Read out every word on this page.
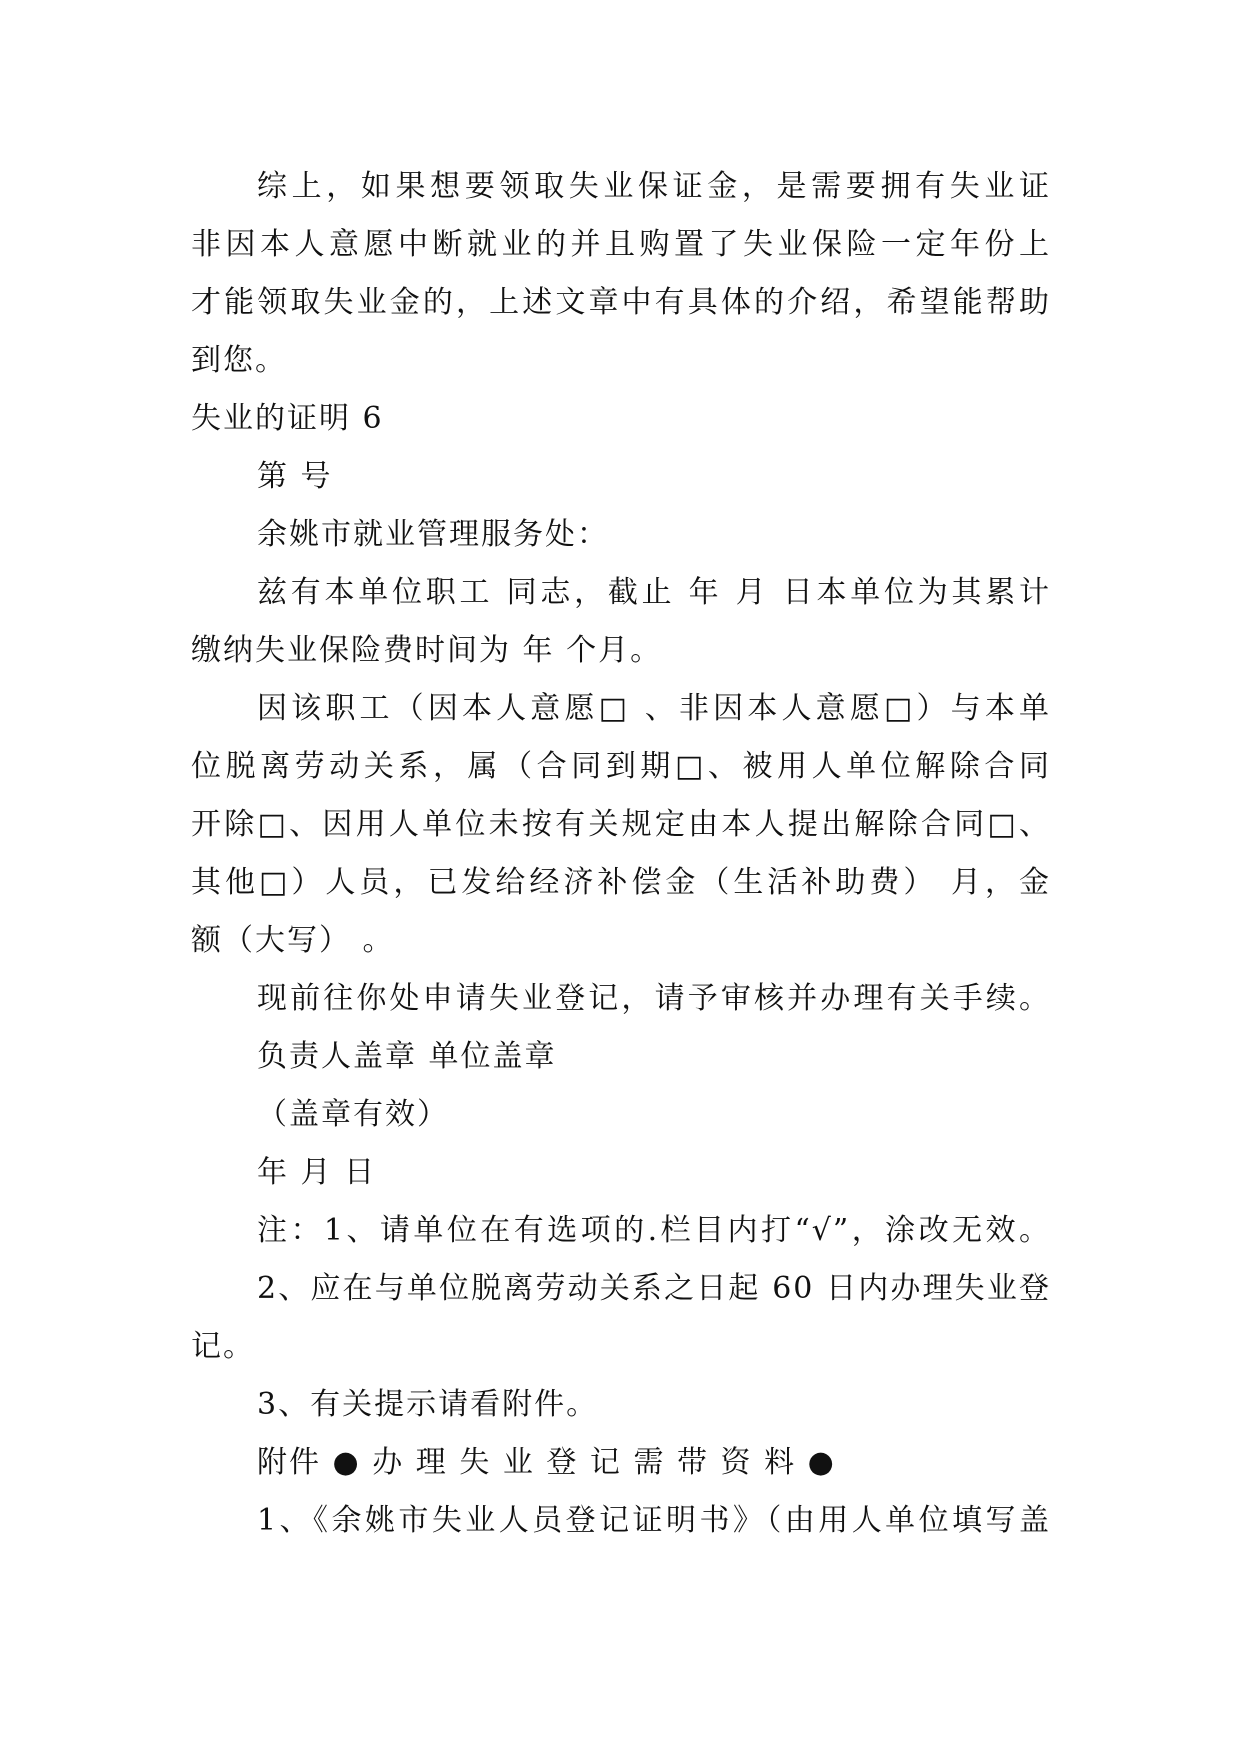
综上，如果想要领取失业保证金，是需要拥有失业证
非因本人意愿中断就业的并且购置了失业保险一定年份上
才能领取失业金的，上述文章中有具体的介绍，希望能帮助
到您。
失业的证明 6
第 号
余姚市就业管理服务处：
兹有本单位职工 同志，截止 年 月 日本单位为其累计
缴纳失业保险费时间为 年 个月。
因该职工（因本人意愿□ 、非因本人意愿□）与本单
位脱离劳动关系，属（合同到期□、被用人单位解除合同
开除□、因用人单位未按有关规定由本人提出解除合同□、
其他□）人员，已发给经济补偿金（生活补助费） 月，金
额（大写） 。
现前往你处申请失业登记，请予审核并办理有关手续。
负责人盖章 单位盖章
（盖章有效）
年 月 日
注：1、请单位在有选项的.栏目内打“√”，涂改无效。
2、应在与单位脱离劳动关系之日起 60 日内办理失业登
记。
3、有关提示请看附件。
附件 ● 办 理 失 业 登 记 需 带 资 料 ●
1、《余姚市失业人员登记证明书》（由用人单位填写盖
